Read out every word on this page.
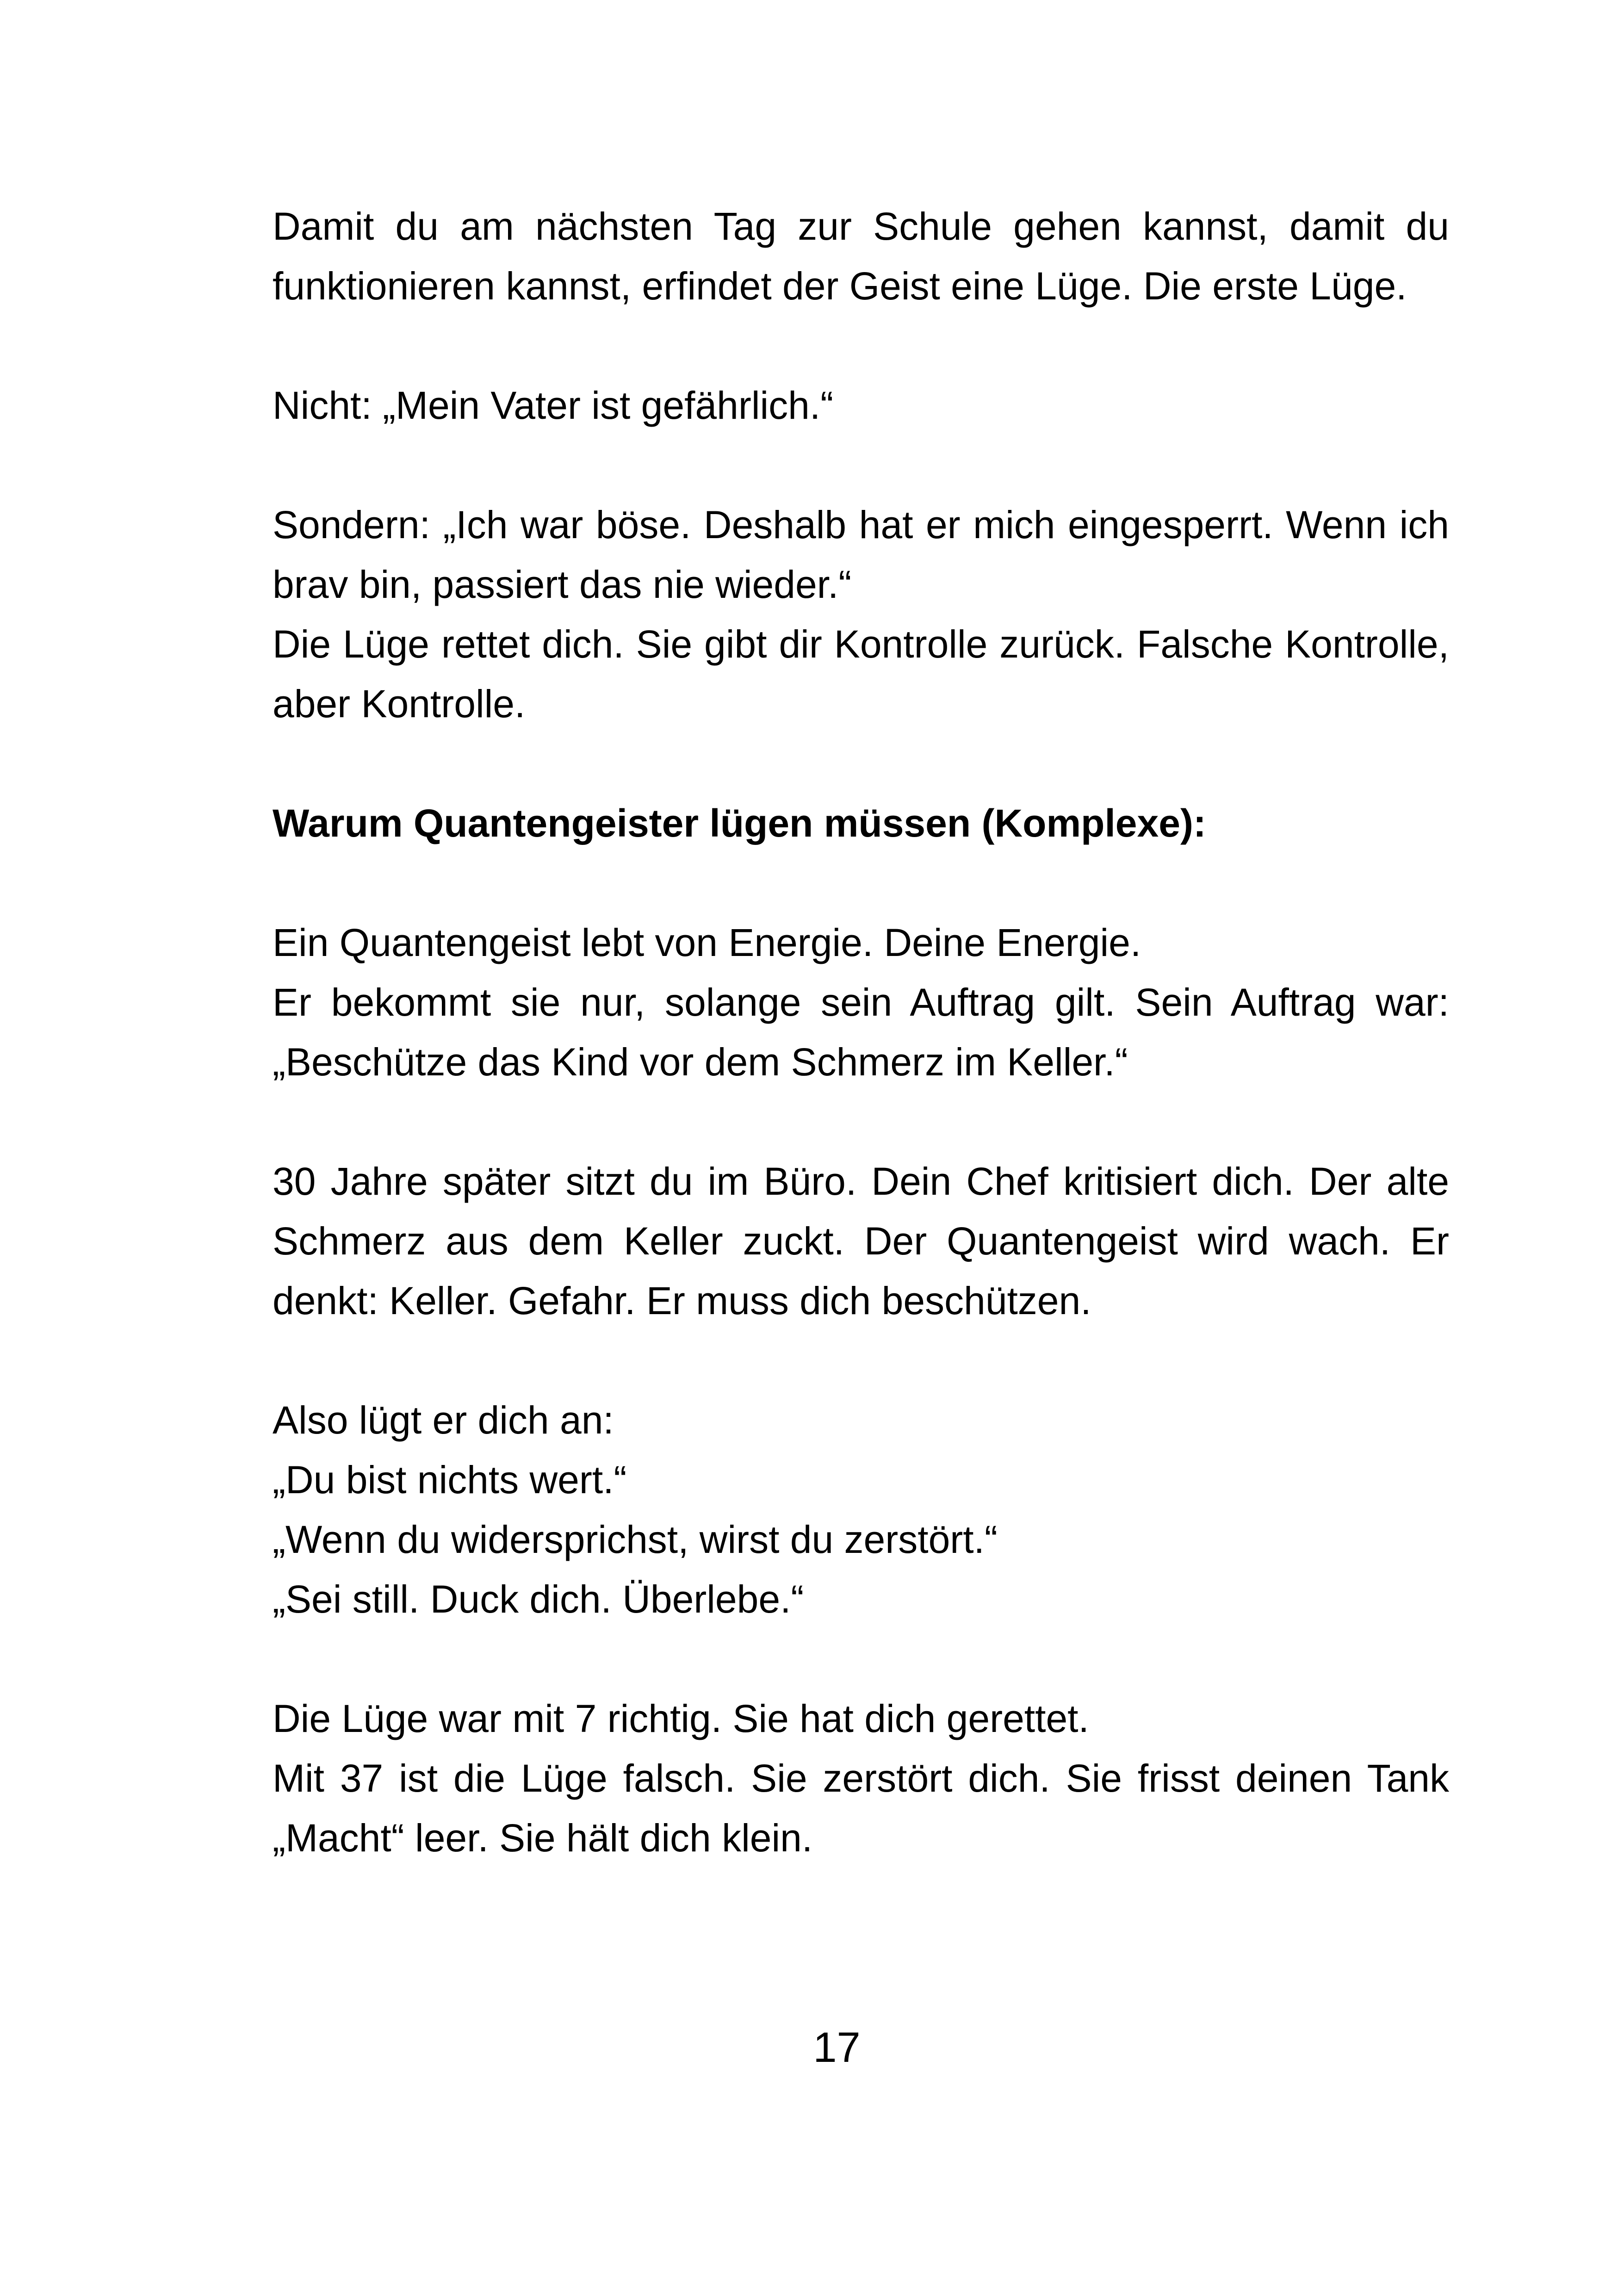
Damit du am nächsten Tag zur Schule gehen kannst, damit du funktionieren kannst, erfindet der Geist eine Lüge. Die erste Lüge.

Nicht: „Mein Vater ist gefährlich.“

Sondern: „Ich war böse. Deshalb hat er mich eingesperrt. Wenn ich brav bin, passiert das nie wieder.“

Die Lüge rettet dich. Sie gibt dir Kontrolle zurück. Falsche Kontrolle, aber Kontrolle.

Warum Quantengeister lügen müssen (Komplexe):

Ein Quantengeist lebt von Energie. Deine Energie.

Er bekommt sie nur, solange sein Auftrag gilt. Sein Auftrag war: „Beschütze das Kind vor dem Schmerz im Keller.“

30 Jahre später sitzt du im Büro. Dein Chef kritisiert dich. Der alte Schmerz aus dem Keller zuckt. Der Quantengeist wird wach. Er denkt: Keller. Gefahr. Er muss dich beschützen.

Also lügt er dich an:

„Du bist nichts wert.“

„Wenn du widersprichst, wirst du zerstört.“

„Sei still. Duck dich. Überlebe.“

Die Lüge war mit 7 richtig. Sie hat dich gerettet.

Mit 37 ist die Lüge falsch. Sie zerstört dich. Sie frisst deinen Tank „Macht“ leer. Sie hält dich klein.

17
